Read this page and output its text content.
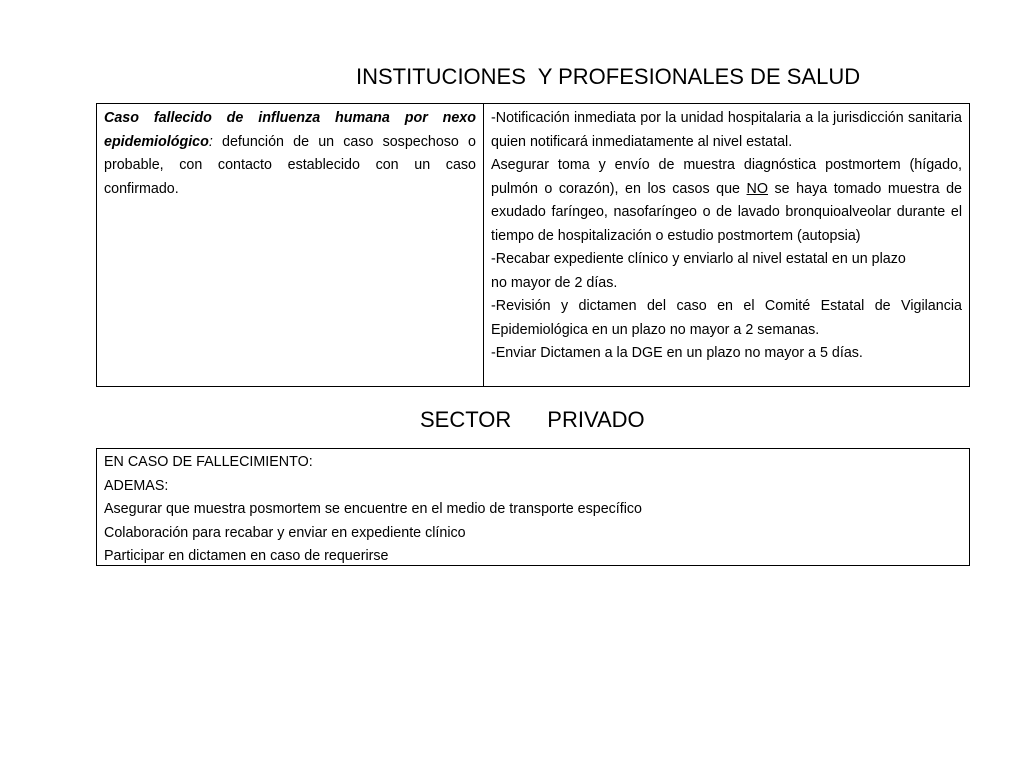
INSTITUCIONES  Y PROFESIONALES DE SALUD

Caso fallecido de influenza humana por nexo epidemiológico: defunción de un caso sospechoso o probable, con contacto establecido con un caso confirmado.

-Notificación inmediata por la unidad hospitalaria a la jurisdicción sanitaria quien notificará inmediatamente al nivel estatal.

Asegurar toma y envío de muestra diagnóstica postmortem (hígado, pulmón o corazón), en los casos que NO se haya tomado muestra de exudado faríngeo, nasofaríngeo o de lavado bronquioalveolar durante el tiempo de hospitalización o estudio postmortem (autopsia)

-Recabar expediente clínico y enviarlo al nivel estatal en un plazo

no mayor de 2 días.

-Revisión y dictamen del caso en el Comité Estatal de Vigilancia Epidemiológica en un plazo no mayor a 2 semanas.

-Enviar Dictamen a la DGE en un plazo no mayor a 5 días.

SECTOR PRIVADO

EN CASO DE FALLECIMIENTO:

ADEMAS:

Asegurar que muestra posmortem se encuentre en el medio de transporte específico

Colaboración para recabar y enviar en expediente clínico

Participar en dictamen en caso de requerirse
